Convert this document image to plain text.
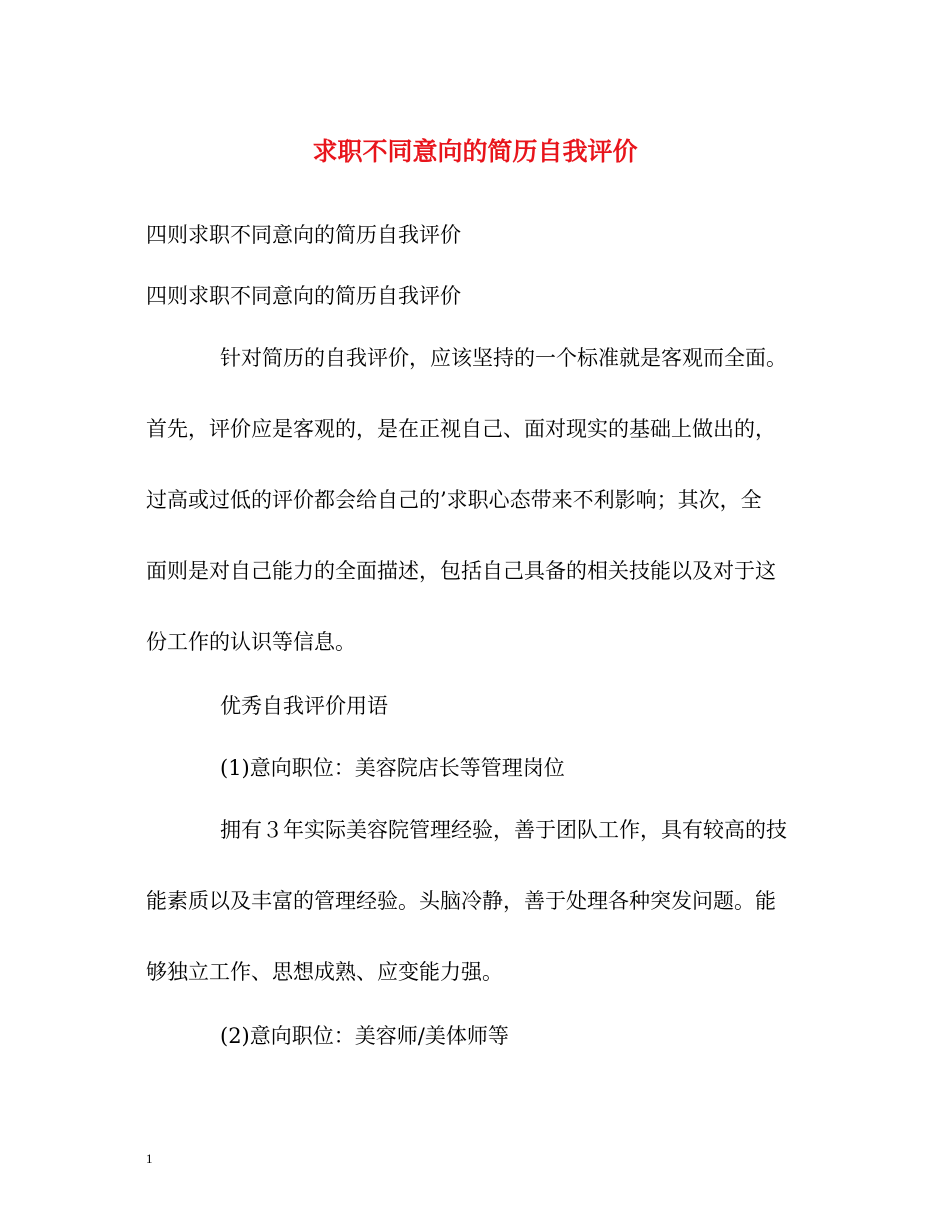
求职不同意向的简历自我评价
四则求职不同意向的简历自我评价
四则求职不同意向的简历自我评价
针对简历的自我评价，应该坚持的一个标准就是客观而全面。
首先，评价应是客观的，是在正视自己、面对现实的基础上做出的，
过高或过低的评价都会给自己的’求职心态带来不利影响；其次，全
面则是对自己能力的全面描述，包括自己具备的相关技能以及对于这
份工作的认识等信息。
优秀自我评价用语
(1)意向职位：美容院店长等管理岗位
拥有３年实际美容院管理经验，善于团队工作，具有较高的技
能素质以及丰富的管理经验。头脑冷静，善于处理各种突发问题。能
够独立工作、思想成熟、应变能力强。
(2)意向职位：美容师/美体师等
1
